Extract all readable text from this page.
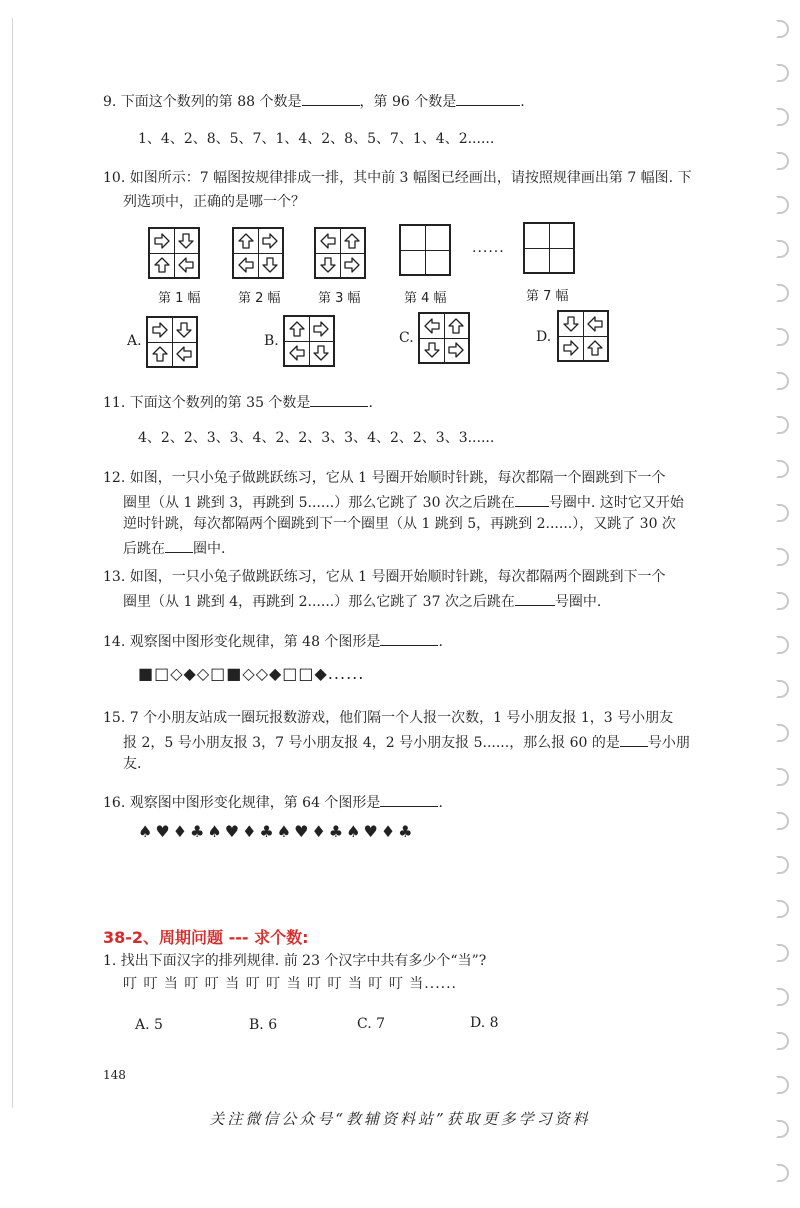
9. 下面这个数列的第 88 个数是	，第 96 个数是	.
1、4、2、8、5、7、1、4、2、8、5、7、1、4、2......
10. 如图所示：7 幅图按规律排成一排，其中前 3 幅图已经画出，请按照规律画出第 7 幅图. 下
列选项中，正确的是哪一个？
第 1 幅	第 2 幅	第 3 幅	第 4 幅	第 7 幅
......
A.	B.	C.	D.
11. 下面这个数列的第 35 个数是	.
4、2、2、3、3、4、2、2、3、3、4、2、2、3、3......
12. 如图，一只小兔子做跳跃练习，它从 1 号圈开始顺时针跳，每次都隔一个圈跳到下一个
圈里（从 1 跳到 3，再跳到 5......）那么它跳了 30 次之后跳在 号圈中. 这时它又开始
逆时针跳，每次都隔两个圈跳到下一个圈里（从 1 跳到 5，再跳到 2......），又跳了 30 次
后跳在 圈中.
13. 如图，一只小兔子做跳跃练习，它从 1 号圈开始顺时针跳，每次都隔两个圈跳到下一个
圈里（从 1 跳到 4，再跳到 2......）那么它跳了 37 次之后跳在	号圈中.
14. 观察图中图形变化规律，第 48 个图形是	.
■□◇◆◇□■◇◇◆□□◆......
15. 7 个小朋友站成一圈玩报数游戏，他们隔一个人报一次数，1 号小朋友报 1，3 号小朋友
报 2，5 号小朋友报 3，7 号小朋友报 4，2 号小朋友报 5......，那么报 60 的是 号小朋
友.
16. 观察图中图形变化规律，第 64 个图形是	.
♠♥♦♣♠♥♦♣♠♥♦♣♠♥♦♣
38-2、周期问题 --- 求个数:
1. 找出下面汉字的排列规律. 前 23 个汉字中共有多少个“当”?
叮 叮 当 叮 叮 当 叮 叮 当 叮 叮 当 叮 叮 当......
A. 5	B. 6	C. 7	D. 8
148
关注微信公众号“教辅资料站”获取更多学习资料
